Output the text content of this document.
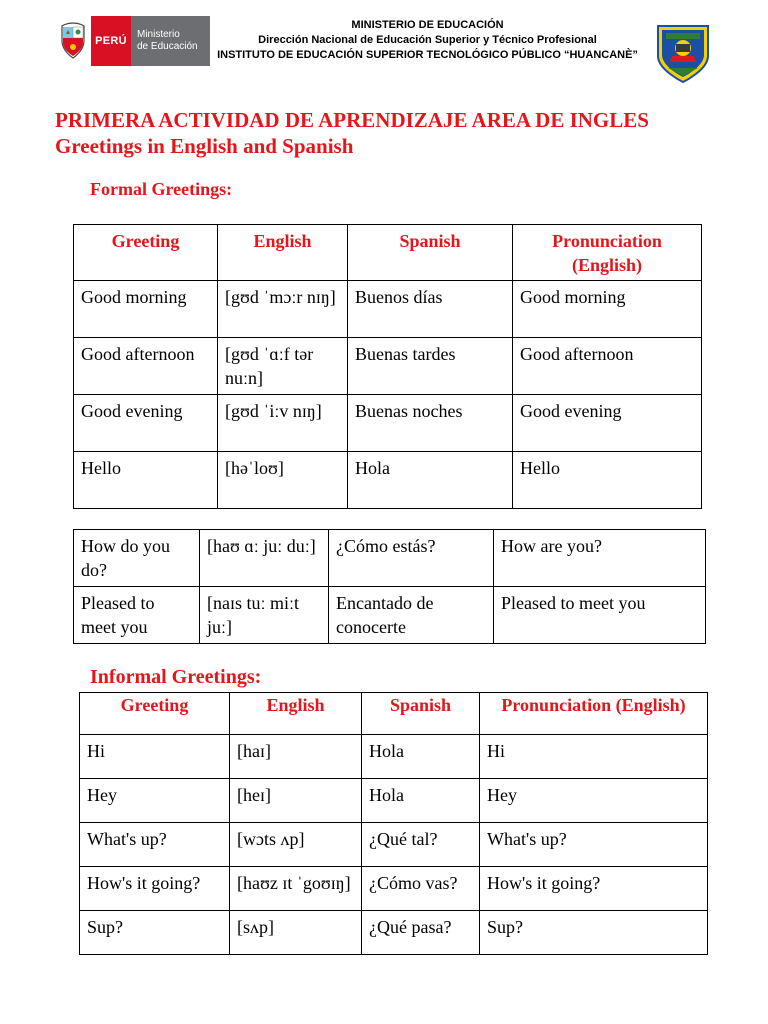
PERÚ
Ministerio
de Educación
MINISTERIO DE EDUCACIÓN
Dirección Nacional de Educación Superior y Técnico Profesional
INSTITUTO DE EDUCACIÓN SUPERIOR TECNOLÓGICO PÚBLICO “HUANCANÈ”
PRIMERA ACTIVIDAD DE APRENDIZAJE AREA DE INGLES
Greetings in English and Spanish
Formal Greetings:
Greeting	English	Spanish	Pronunciation (English)
Good morning	[gʊd ˈmɔːr nɪŋ]	Buenos días	Good morning
Good afternoon	[gʊd ˈɑːf tər nuːn]	Buenas tardes	Good afternoon
Good evening	[gʊd ˈiːv nɪŋ]	Buenas noches	Good evening
Hello	[həˈloʊ]	Hola	Hello
How do you do?	[haʊ ɑː juː duː]	¿Cómo estás?	How are you?
Pleased to meet you	[naɪs tuː miːt juː]	Encantado de conocerte	Pleased to meet you
Informal Greetings:
Greeting	English	Spanish	Pronunciation (English)
Hi	[haɪ]	Hola	Hi
Hey	[heɪ]	Hola	Hey
What's up?	[wɔts ʌp]	¿Qué tal?	What's up?
How's it going?	[haʊz ɪt ˈgoʊɪŋ]	¿Cómo vas?	How's it going?
Sup?	[sʌp]	¿Qué pasa?	Sup?
